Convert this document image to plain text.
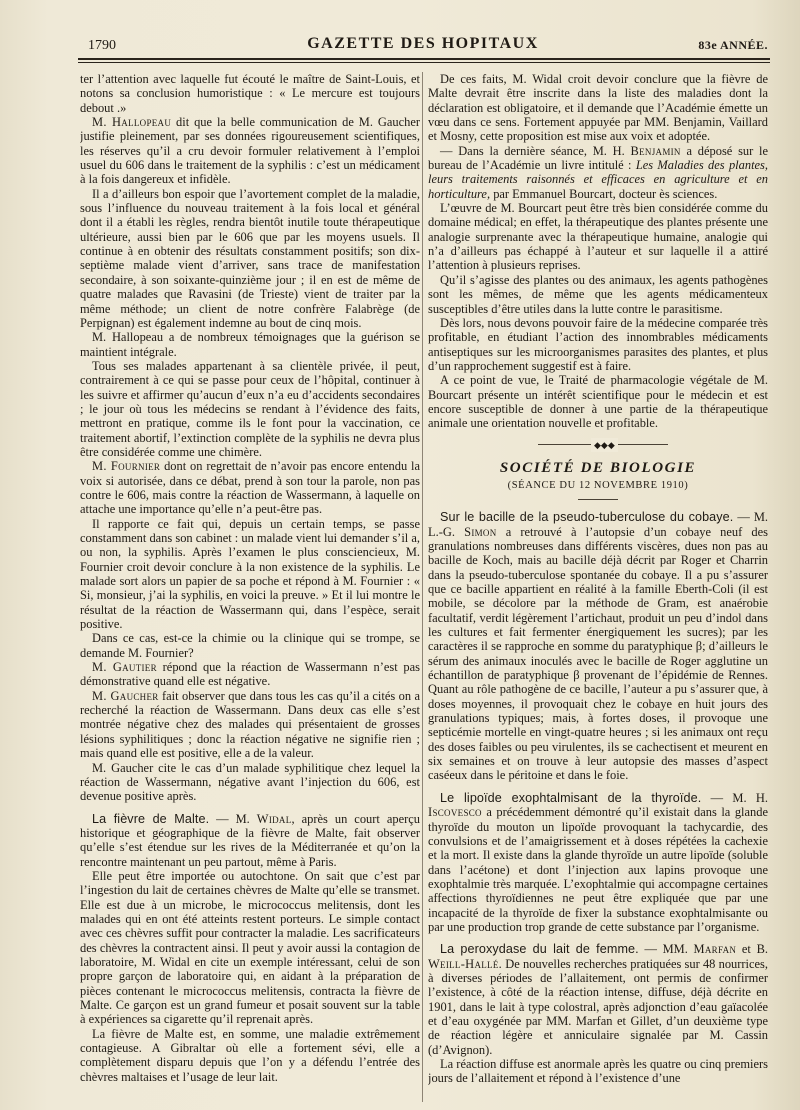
1790	GAZETTE DES HOPITAUX	83e ANNÉE.

ter l’attention avec laquelle fut écouté le maître de Saint-Louis, et notons sa conclusion humoristique : « Le mercure est toujours debout .»

M. Hallopeau dit que la belle communication de M. Gaucher justifie pleinement, par ses données rigoureusement scientifiques, les réserves qu’il a cru devoir formuler relativement à l’emploi usuel du 606 dans le traitement de la syphilis : c’est un médicament à la fois dangereux et infidèle.

Il a d’ailleurs bon espoir que l’avortement complet de la maladie, sous l’influence du nouveau traitement à la fois local et général dont il a établi les règles, rendra bientôt inutile toute thérapeutique ultérieure, aussi bien par le 606 que par les moyens usuels. Il continue à en obtenir des résultats constamment positifs; son dix-septième malade vient d’arriver, sans trace de manifestation secondaire, à son soixante-quinzième jour ; il en est de même de quatre malades que Ravasini (de Trieste) vient de traiter par la même méthode; un client de notre confrère Falabrège (de Perpignan) est également indemne au bout de cinq mois.

M. Hallopeau a de nombreux témoignages que la guérison se maintient intégrale.

Tous ses malades appartenant à sa clientèle privée, il peut, contrairement à ce qui se passe pour ceux de l’hôpital, continuer à les suivre et affirmer qu’aucun d’eux n’a eu d’accidents secondaires ; le jour où tous les médecins se rendant à l’évidence des faits, mettront en pratique, comme ils le font pour la vaccination, ce traitement abortif, l’extinction complète de la syphilis ne devra plus être considérée comme une chimère.

M. Fournier dont on regrettait de n’avoir pas encore entendu la voix si autorisée, dans ce débat, prend à son tour la parole, non pas contre le 606, mais contre la réaction de Wassermann, à laquelle on attache une importance qu’elle n’a peut-être pas.

Il rapporte ce fait qui, depuis un certain temps, se passe constamment dans son cabinet : un malade vient lui demander s’il a, ou non, la syphilis. Après l’examen le plus consciencieux, M. Fournier croit devoir conclure à la non existence de la syphilis. Le malade sort alors un papier de sa poche et répond à M. Fournier : « Si, monsieur, j’ai la syphilis, en voici la preuve. » Et il lui montre le résultat de la réaction de Wassermann qui, dans l’espèce, serait positive.

Dans ce cas, est-ce la chimie ou la clinique qui se trompe, se demande M. Fournier?

M. Gautier répond que la réaction de Wassermann n’est pas démonstrative quand elle est négative.

M. Gaucher fait observer que dans tous les cas qu’il a cités on a recherché la réaction de Wassermann. Dans deux cas elle s’est montrée négative chez des malades qui présentaient de grosses lésions syphilitiques ; donc la réaction négative ne signifie rien ; mais quand elle est positive, elle a de la valeur.

M. Gaucher cite le cas d’un malade syphilitique chez lequel la réaction de Wassermann, négative avant l’injection du 606, est devenue positive après.

La fièvre de Malte. — M. Widal, après un court aperçu historique et géographique de la fièvre de Malte, fait observer qu’elle s’est étendue sur les rives de la Méditerranée et qu’on la rencontre maintenant un peu partout, même à Paris.

Elle peut être importée ou autochtone. On sait que c’est par l’ingestion du lait de certaines chèvres de Malte qu’elle se transmet. Elle est due à un microbe, le micrococcus melitensis, dont les malades qui en ont été atteints restent porteurs. Le simple contact avec ces chèvres suffit pour contracter la maladie. Les sacrificateurs des chèvres la contractent ainsi. Il peut y avoir aussi la contagion de laboratoire, M. Widal en cite un exemple intéressant, celui de son propre garçon de laboratoire qui, en aidant à la préparation de pièces contenant le micrococcus melitensis, contracta la fièvre de Malte. Ce garçon est un grand fumeur et posait souvent sur la table à expériences sa cigarette qu’il reprenait après.

La fièvre de Malte est, en somme, une maladie extrêmement contagieuse. A Gibraltar où elle a fortement sévi, elle a complètement disparu depuis que l’on y a défendu l’entrée des chèvres maltaises et l’usage de leur lait.

De ces faits, M. Widal croit devoir conclure que la fièvre de Malte devrait être inscrite dans la liste des maladies dont la déclaration est obligatoire, et il demande que l’Académie émette un vœu dans ce sens. Fortement appuyée par MM. Benjamin, Vaillard et Mosny, cette proposition est mise aux voix et adoptée.

— Dans la dernière séance, M. H. Benjamin a déposé sur le bureau de l’Académie un livre intitulé : Les Maladies des plantes, leurs traitements raisonnés et efficaces en agriculture et en horticulture, par Emmanuel Bourcart, docteur ès sciences.

L’œuvre de M. Bourcart peut être très bien considérée comme du domaine médical; en effet, la thérapeutique des plantes présente une analogie surprenante avec la thérapeutique humaine, analogie qui n’a d’ailleurs pas échappé à l’auteur et sur laquelle il a attiré l’attention à plusieurs reprises.

Qu’il s’agisse des plantes ou des animaux, les agents pathogènes sont les mêmes, de même que les agents médicamenteux susceptibles d’être utiles dans la lutte contre le parasitisme.

Dès lors, nous devons pouvoir faire de la médecine comparée très profitable, en étudiant l’action des innombrables médicaments antiseptiques sur les microorganismes parasites des plantes, et plus d’un rapprochement suggestif est à faire.

A ce point de vue, le Traité de pharmacologie végétale de M. Bourcart présente un intérêt scientifique pour le médecin et est encore susceptible de donner à une partie de la thérapeutique animale une orientation nouvelle et profitable.

◆◆◆
SOCIÉTÉ DE BIOLOGIE
(SÉANCE DU 12 NOVEMBRE 1910)

Sur le bacille de la pseudo-tuberculose du cobaye. — M. L.-G. Simon a retrouvé à l’autopsie d’un cobaye neuf des granulations nombreuses dans différents viscères, dues non pas au bacille de Koch, mais au bacille déjà décrit par Roger et Charrin dans la pseudo-tuberculose spontanée du cobaye. Il a pu s’assurer que ce bacille appartient en réalité à la famille Eberth-Coli (il est mobile, se décolore par la méthode de Gram, est anaérobie facultatif, verdit légèrement l’artichaut, produit un peu d’indol dans les cultures et fait fermenter énergiquement les sucres); par les caractères il se rapproche en somme du paratyphique β; d’ailleurs le sérum des animaux inoculés avec le bacille de Roger agglutine un échantillon de paratyphique β provenant de l’épidémie de Rennes. Quant au rôle pathogène de ce bacille, l’auteur a pu s’assurer que, à doses moyennes, il provoquait chez le cobaye en huit jours des granulations typiques; mais, à fortes doses, il provoque une septicémie mortelle en vingt-quatre heures ; si les animaux ont reçu des doses faibles ou peu virulentes, ils se cachectisent et meurent en six semaines et on trouve à leur autopsie des masses d’aspect caséeux dans le péritoine et dans le foie.

Le lipoïde exophtalmisant de la thyroïde. — M. H. Iscovesco a précédemment démontré qu’il existait dans la glande thyroïde du mouton un lipoïde provoquant la tachycardie, des convulsions et de l’amaigrissement et à doses répétées la cachexie et la mort. Il existe dans la glande thyroïde un autre lipoïde (soluble dans l’acétone) et dont l’injection aux lapins provoque une exophtalmie très marquée. L’exophtalmie qui accompagne certaines affections thyroïdiennes ne peut être expliquée que par une incapacité de la thyroïde de fixer la substance exophtalmisante ou par une production trop grande de cette substance par l’organisme.

La peroxydase du lait de femme. — MM. Marfan et B. Weill-Hallé. De nouvelles recherches pratiquées sur 48 nourrices, à diverses périodes de l’allaitement, ont permis de confirmer l’existence, à côté de la réaction intense, diffuse, déjà décrite en 1901, dans le lait à type colostral, après adjonction d’eau gaïacolée et d’eau oxygénée par MM. Marfan et Gillet, d’un deuxième type de réaction légère et anniculaire signalée par M. Cassin (d’Avignon).

La réaction diffuse est anormale après les quatre ou cinq premiers jours de l’allaitement et répond à l’existence d’une
